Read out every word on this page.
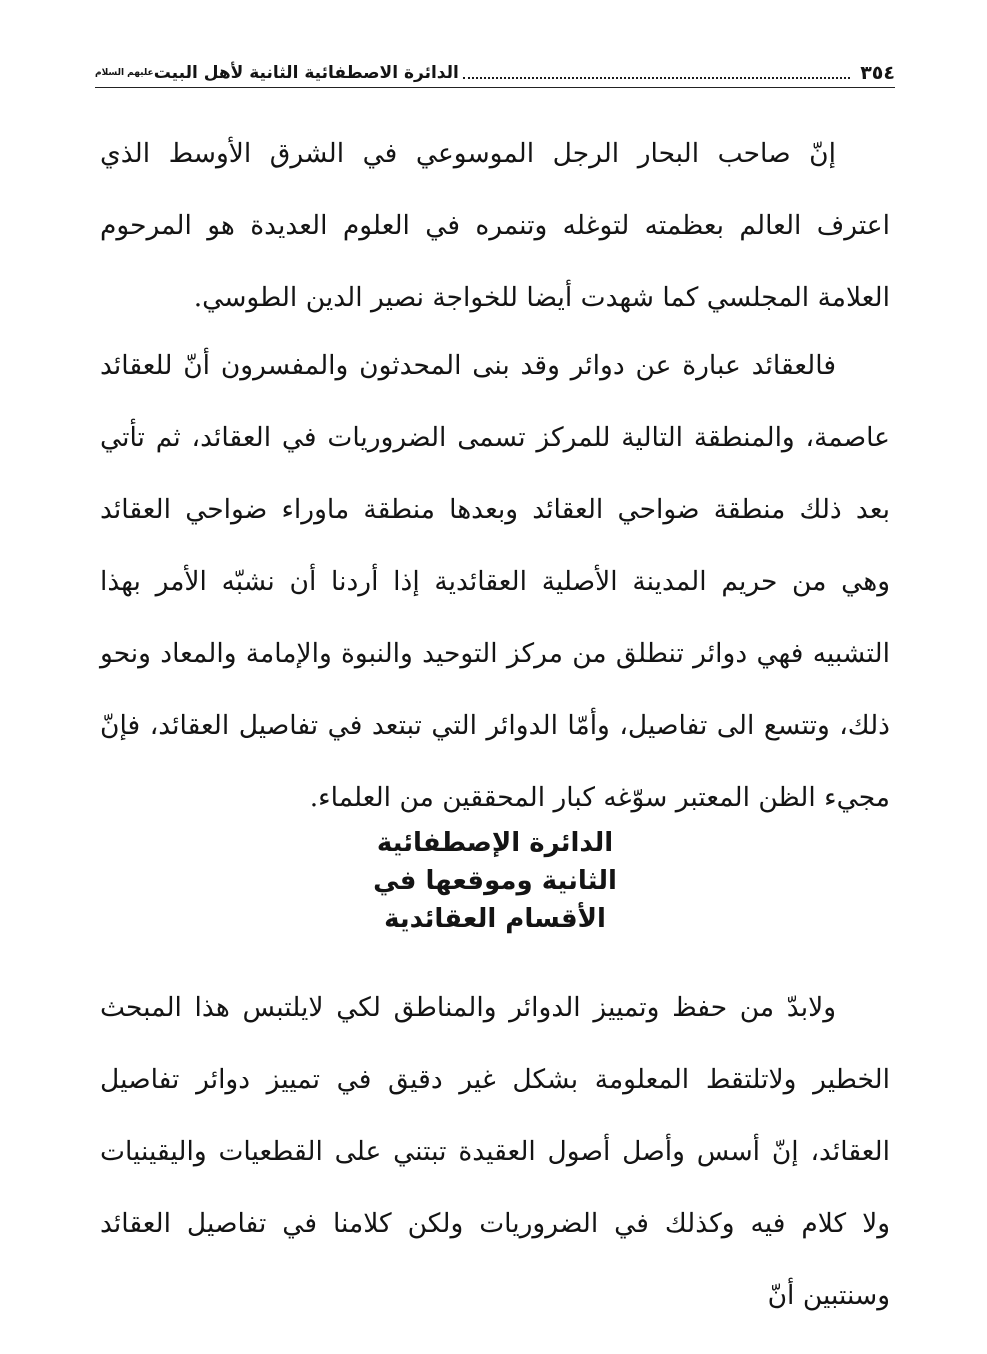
٣٥٤
الدائرة الاصطفائية الثانية لأهل البيتعليهم السلام

إنّ صاحب البحار الرجل الموسوعي في الشرق الأوسط الذي اعترف العالم بعظمته لتوغله وتنمره في العلوم العديدة هو المرحوم العلامة المجلسي كما شهدت أيضا للخواجة نصير الدين الطوسي.

فالعقائد عبارة عن دوائر وقد بنى المحدثون والمفسرون أنّ للعقائد عاصمة، والمنطقة التالية للمركز تسمى الضروريات في العقائد، ثم تأتي بعد ذلك منطقة ضواحي العقائد وبعدها منطقة ماوراء ضواحي العقائد وهي من حريم المدينة الأصلية العقائدية إذا أردنا أن نشبّه الأمر بهذا التشبيه فهي دوائر تنطلق من مركز التوحيد والنبوة والإمامة والمعاد ونحو ذلك، وتتسع الى تفاصيل، وأمّا الدوائر التي تبتعد في تفاصيل العقائد، فإنّ مجيء الظن المعتبر سوّغه كبار المحققين من العلماء.

الدائرة الإصطفائية
الثانية وموقعها في
الأقسام العقائدية

ولابدّ من حفظ وتمييز الدوائر والمناطق لكي لايلتبس هذا المبحث الخطير ولاتلتقط المعلومة بشكل غير دقيق في تمييز دوائر تفاصيل العقائد، إنّ أسس وأصل أصول العقيدة تبتني على القطعيات واليقينيات ولا كلام فيه وكذلك في الضروريات ولكن كلامنا في تفاصيل العقائد وسنتبين أنّ
